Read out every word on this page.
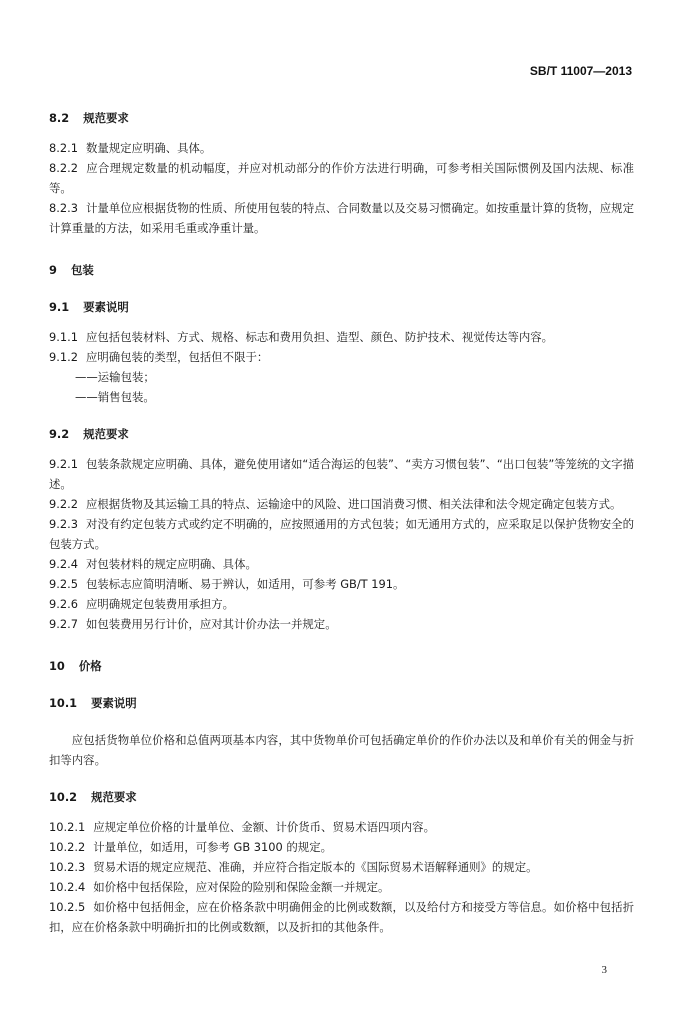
SB/T 11007—2013
8.2 规范要求

8.2.1 数量规定应明确、具体。

8.2.2 应合理规定数量的机动幅度，并应对机动部分的作价方法进行明确，可参考相关国际惯例及国内法规、标准等。

8.2.3 计量单位应根据货物的性质、所使用包装的特点、合同数量以及交易习惯确定。如按重量计算的货物，应规定计算重量的方法，如采用毛重或净重计量。

9 包装
9.1 要素说明

9.1.1 应包括包装材料、方式、规格、标志和费用负担、造型、颜色、防护技术、视觉传达等内容。

9.1.2 应明确包装的类型，包括但不限于：

——运输包装；

——销售包装。

9.2 规范要求

9.2.1 包装条款规定应明确、具体，避免使用诸如“适合海运的包装”、“卖方习惯包装”、“出口包装”等笼统的文字描述。

9.2.2 应根据货物及其运输工具的特点、运输途中的风险、进口国消费习惯、相关法律和法令规定确定包装方式。

9.2.3 对没有约定包装方式或约定不明确的，应按照通用的方式包装；如无通用方式的，应采取足以保护货物安全的包装方式。

9.2.4 对包装材料的规定应明确、具体。

9.2.5 包装标志应简明清晰、易于辨认，如适用，可参考 GB/T 191。

9.2.6 应明确规定包装费用承担方。

9.2.7 如包装费用另行计价，应对其计价办法一并规定。

10 价格
10.1 要素说明

应包括货物单位价格和总值两项基本内容，其中货物单价可包括确定单价的作价办法以及和单价有关的佣金与折扣等内容。

10.2 规范要求

10.2.1 应规定单位价格的计量单位、金额、计价货币、贸易术语四项内容。

10.2.2 计量单位，如适用，可参考 GB 3100 的规定。

10.2.3 贸易术语的规定应规范、准确，并应符合指定版本的《国际贸易术语解释通则》的规定。

10.2.4 如价格中包括保险，应对保险的险别和保险金额一并规定。

10.2.5 如价格中包括佣金，应在价格条款中明确佣金的比例或数额，以及给付方和接受方等信息。如价格中包括折扣，应在价格条款中明确折扣的比例或数额，以及折扣的其他条件。

3
